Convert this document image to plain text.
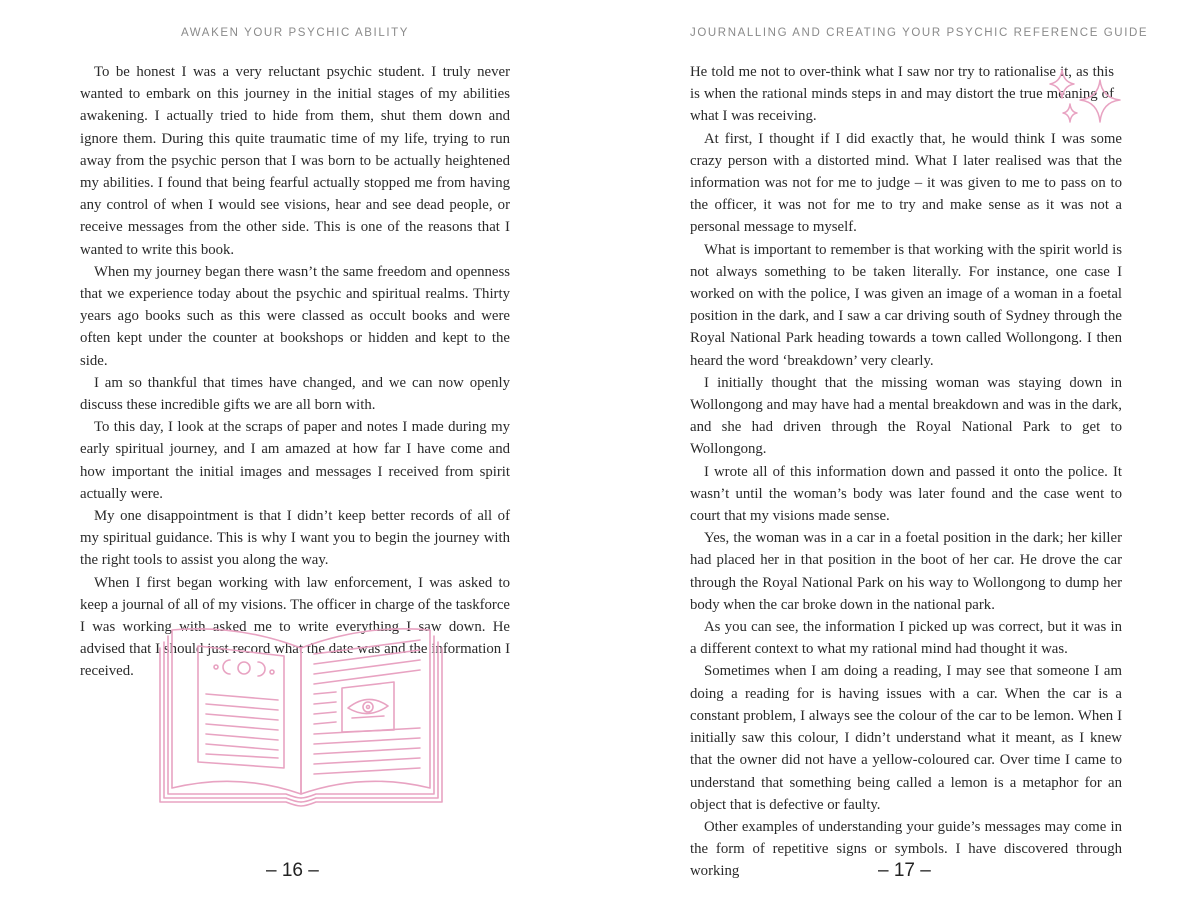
AWAKEN YOUR PSYCHIC ABILITY

To be honest I was a very reluctant psychic student. I truly never wanted to embark on this journey in the initial stages of my abilities awakening. I actually tried to hide from them, shut them down and ignore them. During this quite traumatic time of my life, trying to run away from the psychic person that I was born to be actually heightened my abilities. I found that being fearful actually stopped me from having any control of when I would see visions, hear and see dead people, or receive messages from the other side. This is one of the reasons that I wanted to write this book.

When my journey began there wasn’t the same freedom and openness that we experience today about the psychic and spiritual realms. Thirty years ago books such as this were classed as occult books and were often kept under the counter at bookshops or hidden and kept to the side.

I am so thankful that times have changed, and we can now openly discuss these incredible gifts we are all born with.

To this day, I look at the scraps of paper and notes I made during my early spiritual journey, and I am amazed at how far I have come and how important the initial images and messages I received from spirit actually were.

My one disappointment is that I didn’t keep better records of all of my spiritual guidance. This is why I want you to begin the journey with the right tools to assist you along the way.

When I first began working with law enforcement, I was asked to keep a journal of all of my visions. The officer in charge of the taskforce I was working with asked me to write everything I saw down. He advised that I should just record what the date was and the information I received.

– 16 –
JOURNALLING AND CREATING YOUR PSYCHIC REFERENCE GUIDE

He told me not to over-think what I saw nor try to rationalise it, as this is when the rational minds steps in and may distort the true meaning of what I was receiving.

At first, I thought if I did exactly that, he would think I was some crazy person with a distorted mind. What I later realised was that the information was not for me to judge – it was given to me to pass on to the officer, it was not for me to try and make sense as it was not a personal message to myself.

What is important to remember is that working with the spirit world is not always something to be taken literally. For instance, one case I worked on with the police, I was given an image of a woman in a foetal position in the dark, and I saw a car driving south of Sydney through the Royal National Park heading towards a town called Wollongong. I then heard the word ‘breakdown’ very clearly.

I initially thought that the missing woman was staying down in Wollongong and may have had a mental breakdown and was in the dark, and she had driven through the Royal National Park to get to Wollongong.

I wrote all of this information down and passed it onto the police. It wasn’t until the woman’s body was later found and the case went to court that my visions made sense.

Yes, the woman was in a car in a foetal position in the dark; her killer had placed her in that position in the boot of her car. He drove the car through the Royal National Park on his way to Wollongong to dump her body when the car broke down in the national park.

As you can see, the information I picked up was correct, but it was in a different context to what my rational mind had thought it was.

Sometimes when I am doing a reading, I may see that someone I am doing a reading for is having issues with a car. When the car is a constant problem, I always see the colour of the car to be lemon. When I initially saw this colour, I didn’t understand what it meant, as I knew that the owner did not have a yellow-coloured car. Over time I came to understand that something being called a lemon is a metaphor for an object that is defective or faulty.

Other examples of understanding your guide’s messages may come in the form of repetitive signs or symbols. I have discovered through working	– 17 –
